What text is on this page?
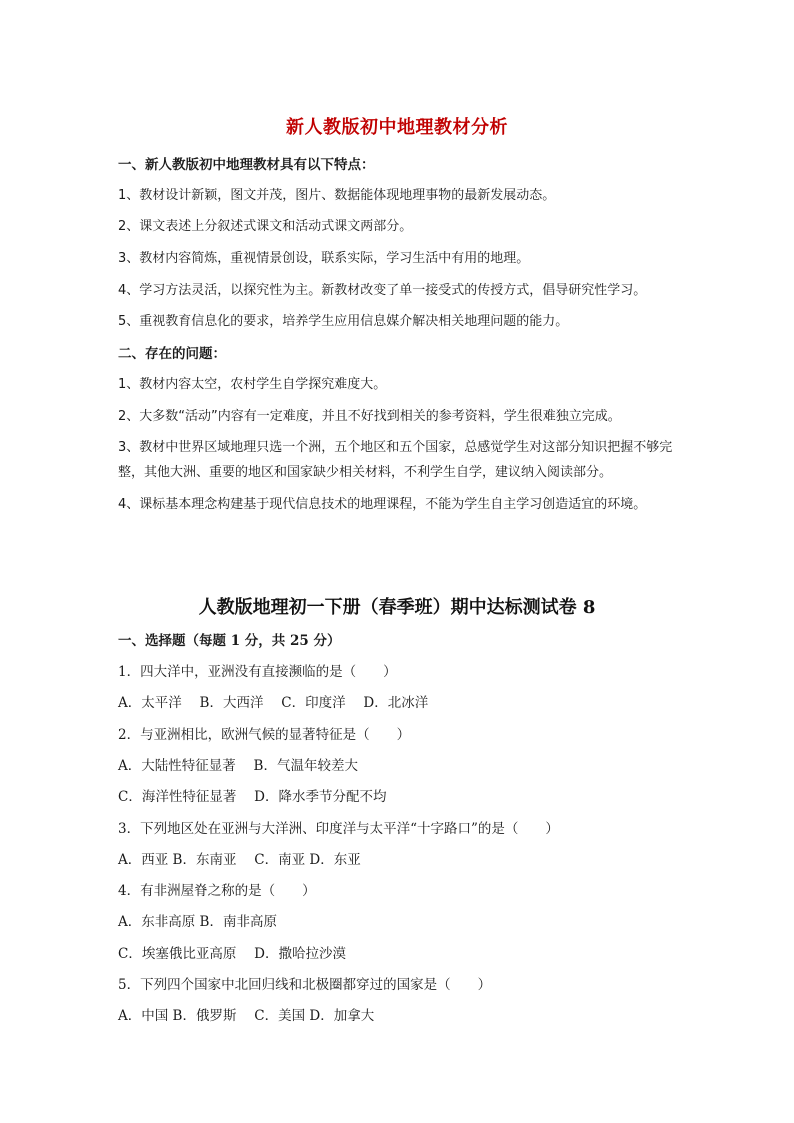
新人教版初中地理教材分析
一、新人教版初中地理教材具有以下特点：
1、教材设计新颖，图文并茂，图片、数据能体现地理事物的最新发展动态。
2、课文表述上分叙述式课文和活动式课文两部分。
3、教材内容简炼，重视情景创设，联系实际，学习生活中有用的地理。
4、学习方法灵活，以探究性为主。新教材改变了单一接受式的传授方式，倡导研究性学习。
5、重视教育信息化的要求，培养学生应用信息媒介解决相关地理问题的能力。
二、存在的问题：
1、教材内容太空，农村学生自学探究难度大。
2、大多数“活动”内容有一定难度，并且不好找到相关的参考资料，学生很难独立完成。
3、教材中世界区域地理只选一个洲，五个地区和五个国家，总感觉学生对这部分知识把握不够完整，其他大洲、重要的地区和国家缺少相关材料，不利学生自学，建议纳入阅读部分。
4、课标基本理念构建基于现代信息技术的地理课程，不能为学生自主学习创造适宜的环境。
人教版地理初一下册（春季班）期中达标测试卷 8
一、选择题（每题 1 分，共 25 分）
1．四大洋中，亚洲没有直接濒临的是（　　）
A．太平洋　 B．大西洋　 C．印度洋　 D．北冰洋
2．与亚洲相比，欧洲气候的显著特征是（　　）
A．大陆性特征显著　 B．气温年较差大
C．海洋性特征显著　 D．降水季节分配不均
3．下列地区处在亚洲与大洋洲、印度洋与太平洋“十字路口”的是（　　）
A．西亚 B．东南亚　 C．南亚 D．东亚
4．有非洲屋脊之称的是（　　）
A．东非高原 B．南非高原
C．埃塞俄比亚高原　 D．撒哈拉沙漠
5．下列四个国家中北回归线和北极圈都穿过的国家是（　　）
A．中国 B．俄罗斯　 C．美国 D．加拿大
